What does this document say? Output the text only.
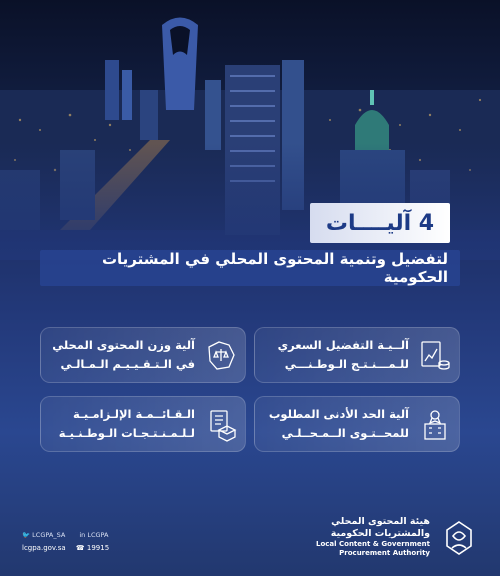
4 آليــــات
لتفضيل وتنمية المحتوى المحلي في المشتريات الحكومية
آلــيـة التفضيل السعري
للـمـــنـتـج الـوطـنـــي
آلية وزن المحتوى المحلي
في الـتـقـيـيـم الـمـالـي
آلية الحد الأدنى المطلوب
للمحــتـوى الــمـحــلـي
الـقـائــمـة الإلـزامـيـة
لـلـمـنـتـجـات الـوطـنـيـة
🐦 LCGPA_SA in LCGPA
lcgpa.gov.sa ☎ 19915
هيئة المحتوى المحلي
والمشتريات الحكومية
Local Content & Government
Procurement Authority
